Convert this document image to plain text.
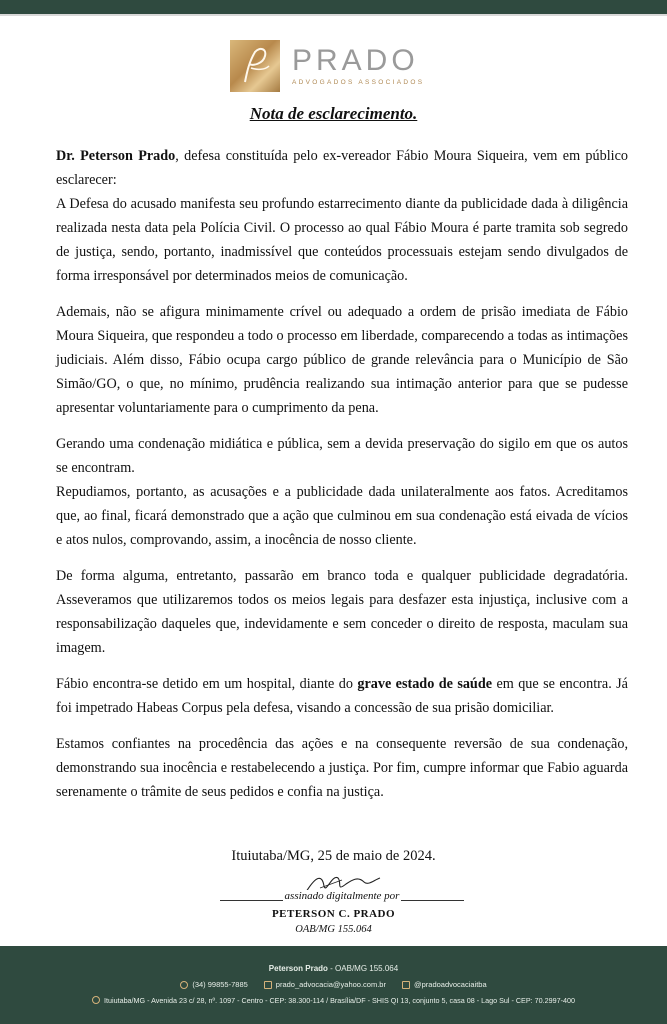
PRADO
ADVOGADOS ASSOCIADOS
Nota de esclarecimento.

Dr. Peterson Prado, defesa constituída pelo ex-vereador Fábio Moura Siqueira, vem em público esclarecer:

A Defesa do acusado manifesta seu profundo estarrecimento diante da publicidade dada à diligência realizada nesta data pela Polícia Civil. O processo ao qual Fábio Moura é parte tramita sob segredo de justiça, sendo, portanto, inadmissível que conteúdos processuais estejam sendo divulgados de forma irresponsável por determinados meios de comunicação.

Ademais, não se afigura minimamente crível ou adequado a ordem de prisão imediata de Fábio Moura Siqueira, que respondeu a todo o processo em liberdade, comparecendo a todas as intimações judiciais. Além disso, Fábio ocupa cargo público de grande relevância para o Município de São Simão/GO, o que, no mínimo, prudência realizando sua intimação anterior para que se pudesse apresentar voluntariamente para o cumprimento da pena.

Gerando uma condenação midiática e pública, sem a devida preservação do sigilo em que os autos se encontram.

Repudiamos, portanto, as acusações e a publicidade dada unilateralmente aos fatos. Acreditamos que, ao final, ficará demonstrado que a ação que culminou em sua condenação está eivada de vícios e atos nulos, comprovando, assim, a inocência de nosso cliente.

De forma alguma, entretanto, passarão em branco toda e qualquer publicidade degradatória. Asseveramos que utilizaremos todos os meios legais para desfazer esta injustiça, inclusive com a responsabilização daqueles que, indevidamente e sem conceder o direito de resposta, maculam sua imagem.

Fábio encontra-se detido em um hospital, diante do grave estado de saúde em que se encontra. Já foi impetrado Habeas Corpus pela defesa, visando a concessão de sua prisão domiciliar.

Estamos confiantes na procedência das ações e na consequente reversão de sua condenação, demonstrando sua inocência e restabelecendo a justiça. Por fim, cumpre informar que Fabio aguarda serenamente o trâmite de seus pedidos e confia na justiça.

Ituiutaba/MG, 25 de maio de 2024.
assinado digitalmente por
PETERSON C. PRADO
OAB/MG 155.064
Peterson Prado - OAB/MG 155.064
(34) 99855-7885	prado_advocacia@yahoo.com.br	@pradoadvocaciaitba
Ituiutaba/MG - Avenida 23 c/ 28, nº. 1097 - Centro - CEP: 38.300-114 / Brasília/DF - SHIS QI 13, conjunto 5, casa 08 - Lago Sul - CEP: 70.2997-400
